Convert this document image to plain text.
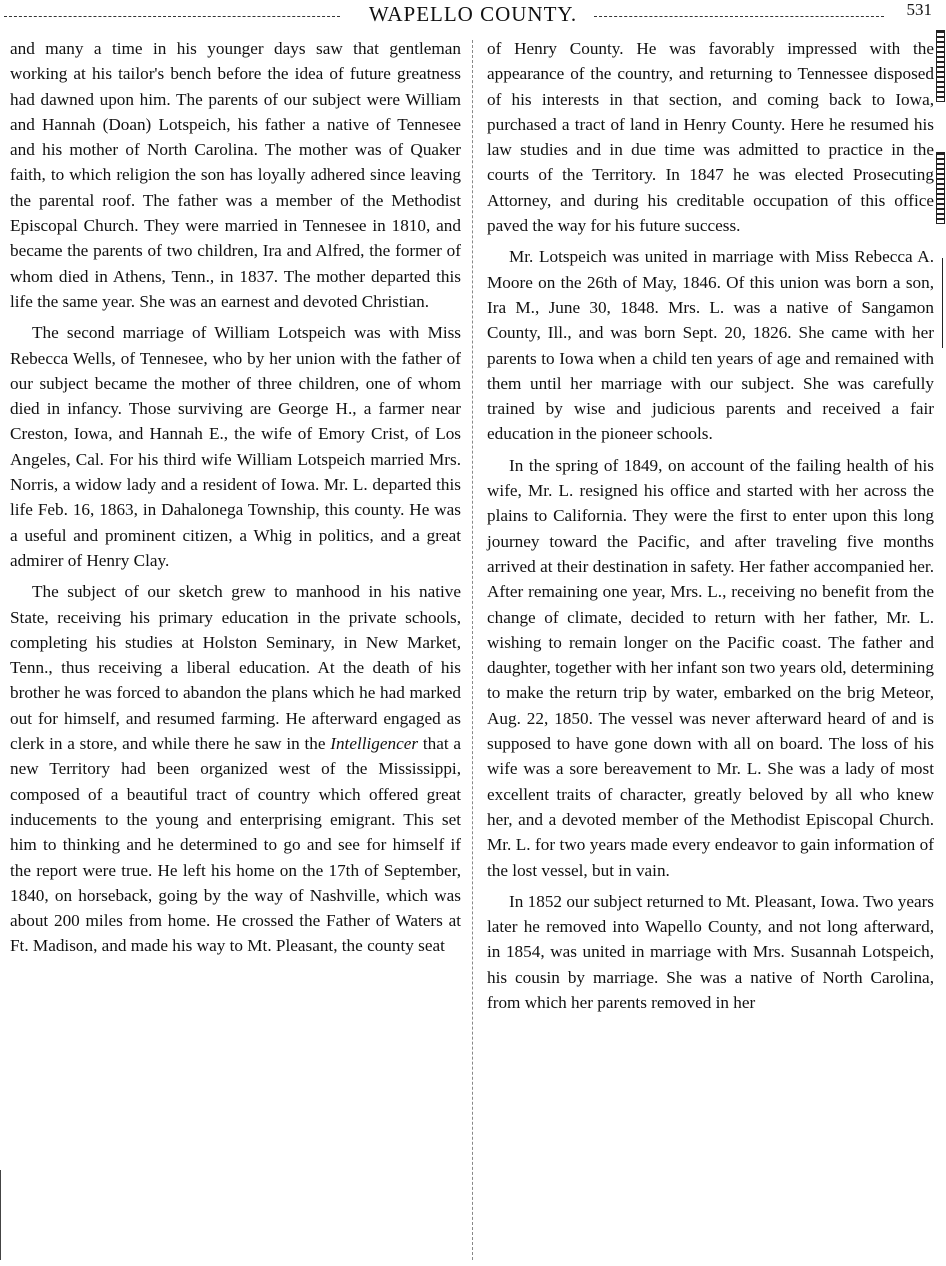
WAPELLO COUNTY.	531

and many a time in his younger days saw that gentleman working at his tailor's bench before the idea of future greatness had dawned upon him. The parents of our subject were William and Hannah (Doan) Lotspeich, his father a native of Tennesee and his mother of North Carolina. The mother was of Quaker faith, to which religion the son has loyally adhered since leaving the parental roof. The father was a member of the Methodist Episcopal Church. They were married in Tennesee in 1810, and became the parents of two children, Ira and Alfred, the former of whom died in Athens, Tenn., in 1837. The mother departed this life the same year. She was an earnest and devoted Christian.

The second marriage of William Lotspeich was with Miss Rebecca Wells, of Tennesee, who by her union with the father of our subject became the mother of three children, one of whom died in infancy. Those surviving are George H., a farmer near Creston, Iowa, and Hannah E., the wife of Emory Crist, of Los Angeles, Cal. For his third wife William Lotspeich married Mrs. Norris, a widow lady and a resident of Iowa. Mr. L. departed this life Feb. 16, 1863, in Dahalonega Township, this county. He was a useful and prominent citizen, a Whig in politics, and a great admirer of Henry Clay.

The subject of our sketch grew to manhood in his native State, receiving his primary education in the private schools, completing his studies at Holston Seminary, in New Market, Tenn., thus receiving a liberal education. At the death of his brother he was forced to abandon the plans which he had marked out for himself, and resumed farming. He afterward engaged as clerk in a store, and while there he saw in the Intelligencer that a new Territory had been organized west of the Mississippi, composed of a beautiful tract of country which offered great inducements to the young and enterprising emigrant. This set him to thinking and he determined to go and see for himself if the report were true. He left his home on the 17th of September, 1840, on horseback, going by the way of Nashville, which was about 200 miles from home. He crossed the Father of Waters at Ft. Madison, and made his way to Mt. Pleasant, the county seat

of Henry County. He was favorably impressed with the appearance of the country, and returning to Tennessee disposed of his interests in that section, and coming back to Iowa, purchased a tract of land in Henry County. Here he resumed his law studies and in due time was admitted to practice in the courts of the Territory. In 1847 he was elected Prosecuting Attorney, and during his creditable occupation of this office paved the way for his future success.

Mr. Lotspeich was united in marriage with Miss Rebecca A. Moore on the 26th of May, 1846. Of this union was born a son, Ira M., June 30, 1848. Mrs. L. was a native of Sangamon County, Ill., and was born Sept. 20, 1826. She came with her parents to Iowa when a child ten years of age and remained with them until her marriage with our subject. She was carefully trained by wise and judicious parents and received a fair education in the pioneer schools.

In the spring of 1849, on account of the failing health of his wife, Mr. L. resigned his office and started with her across the plains to California. They were the first to enter upon this long journey toward the Pacific, and after traveling five months arrived at their destination in safety. Her father accompanied her. After remaining one year, Mrs. L., receiving no benefit from the change of climate, decided to return with her father, Mr. L. wishing to remain longer on the Pacific coast. The father and daughter, together with her infant son two years old, determining to make the return trip by water, embarked on the brig Meteor, Aug. 22, 1850. The vessel was never afterward heard of and is supposed to have gone down with all on board. The loss of his wife was a sore bereavement to Mr. L. She was a lady of most excellent traits of character, greatly beloved by all who knew her, and a devoted member of the Methodist Episcopal Church. Mr. L. for two years made every endeavor to gain information of the lost vessel, but in vain.

In 1852 our subject returned to Mt. Pleasant, Iowa. Two years later he removed into Wapello County, and not long afterward, in 1854, was united in marriage with Mrs. Susannah Lotspeich, his cousin by marriage. She was a native of North Carolina, from which her parents removed in her
